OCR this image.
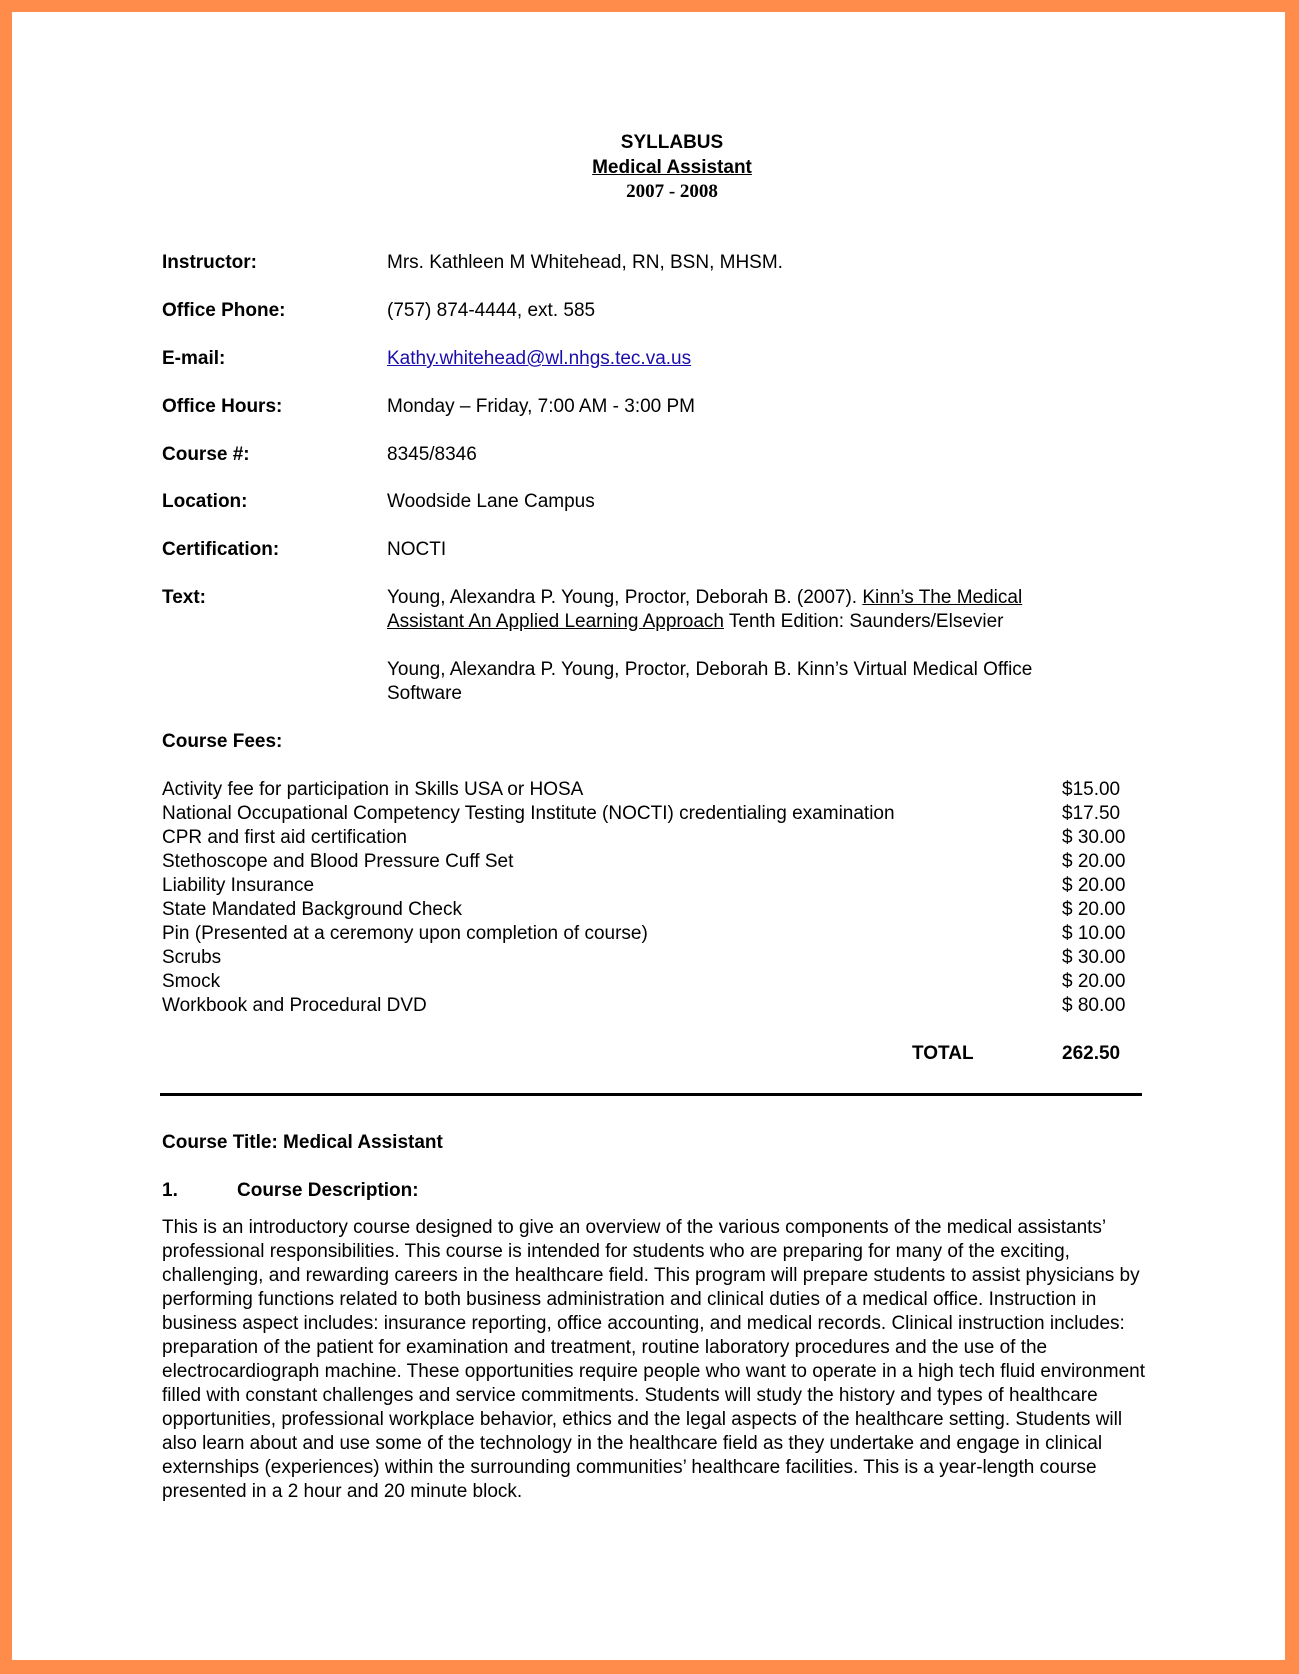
SYLLABUS
Medical Assistant
2007 - 2008
Instructor:	Mrs. Kathleen M Whitehead, RN, BSN, MHSM.
Office Phone:	(757) 874-4444, ext. 585
E-mail:	Kathy.whitehead@wl.nhgs.tec.va.us
Office Hours:	Monday – Friday, 7:00 AM - 3:00 PM
Course #:	8345/8346
Location:	Woodside Lane Campus
Certification:	NOCTI
Text:	Young, Alexandra P. Young, Proctor, Deborah B. (2007). Kinn’s The Medical
Assistant An Applied Learning Approach Tenth Edition: Saunders/Elsevier
Young, Alexandra P. Young, Proctor, Deborah B. Kinn’s Virtual Medical Office
Software
Course Fees:
Activity fee for participation in Skills USA or HOSA	$15.00
National Occupational Competency Testing Institute (NOCTI) credentialing examination	$17.50
CPR and first aid certification	$ 30.00
Stethoscope and Blood Pressure Cuff Set	$ 20.00
Liability Insurance	$ 20.00
State Mandated Background Check	$ 20.00
Pin (Presented at a ceremony upon completion of course)	$ 10.00
Scrubs	$ 30.00
Smock	$ 20.00
Workbook and Procedural DVD	$ 80.00
TOTAL	262.50
Course Title: Medical Assistant
1.	Course Description:
This is an introductory course designed to give an overview of the various components of the medical assistants’ professional responsibilities. This course is intended for students who are preparing for many of the exciting, challenging, and rewarding careers in the healthcare field. This program will prepare students to assist physicians by performing functions related to both business administration and clinical duties of a medical office. Instruction in business aspect includes: insurance reporting, office accounting, and medical records. Clinical instruction includes: preparation of the patient for examination and treatment, routine laboratory procedures and the use of the electrocardiograph machine. These opportunities require people who want to operate in a high tech fluid environment filled with constant challenges and service commitments. Students will study the history and types of healthcare opportunities, professional workplace behavior, ethics and the legal aspects of the healthcare setting. Students will also learn about and use some of the technology in the healthcare field as they undertake and engage in clinical externships (experiences) within the surrounding communities’ healthcare facilities. This is a year-length course presented in a 2 hour and 20 minute block.
